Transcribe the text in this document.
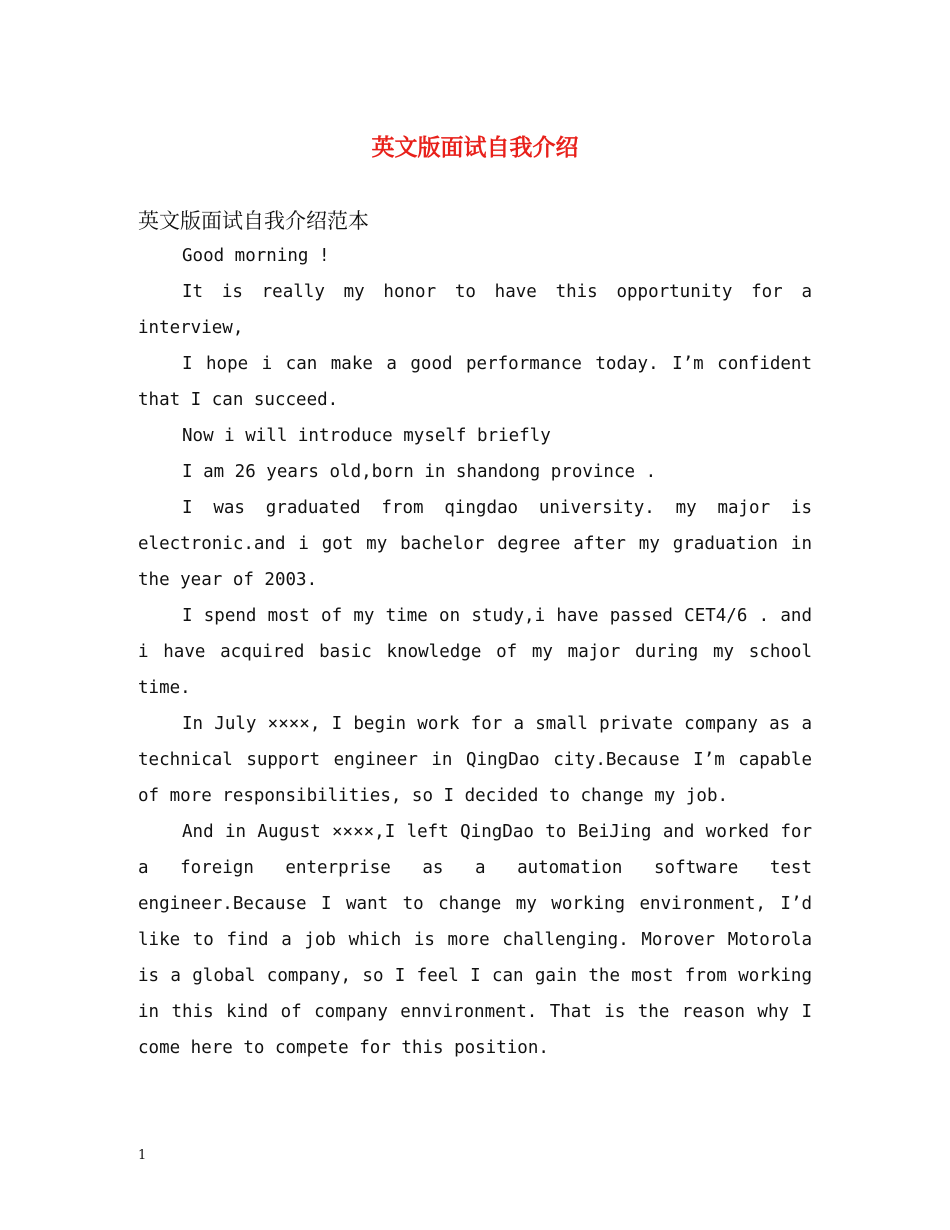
英文版面试自我介绍

英文版面试自我介绍范本

Good morning !

It is really my honor to have this opportunity for a interview,

I hope i can make a good performance today. I’m confident that I can succeed.

Now i will introduce myself briefly

I am 26 years old,born in shandong province .

I was graduated from qingdao university. my major is electronic.and i got my bachelor degree after my graduation in the year of 2003.

I spend most of my time on study,i have passed CET4/6 . and i have acquired basic knowledge of my major during my school time.

In July ××××, I begin work for a small private company as a technical support engineer in QingDao city.Because I’m capable of more responsibilities, so I decided to change my job.

And in August ××××,I left QingDao to BeiJing and worked for a foreign enterprise as a automation software test engineer.Because I want to change my working environment, I’d like to find a job which is more challenging. Morover Motorola is a global company, so I feel I can gain the most from working in this kind of company ennvironment. That is the reason why I come here to compete for this position.

1
